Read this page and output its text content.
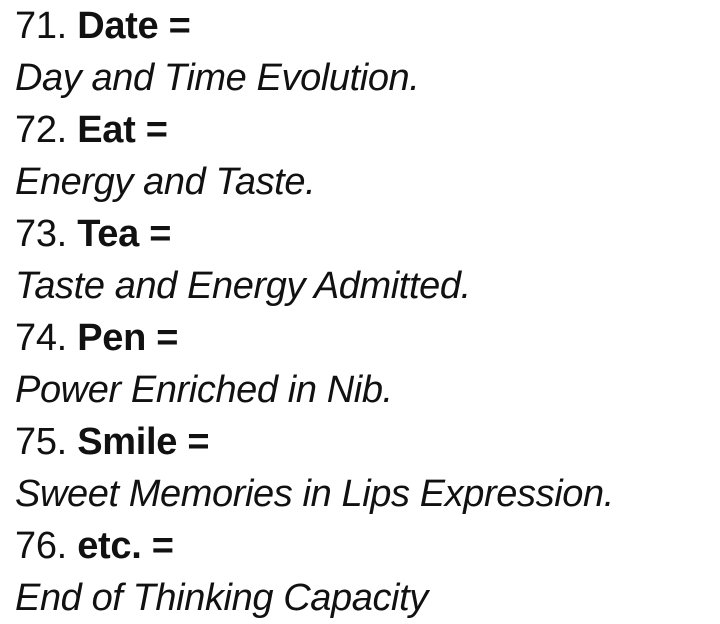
71. Date =
Day and Time Evolution.
72. Eat =
Energy and Taste.
73. Tea =
Taste and Energy Admitted.
74. Pen =
Power Enriched in Nib.
75. Smile =
Sweet Memories in Lips Expression.
76. etc. =
End of Thinking Capacity
